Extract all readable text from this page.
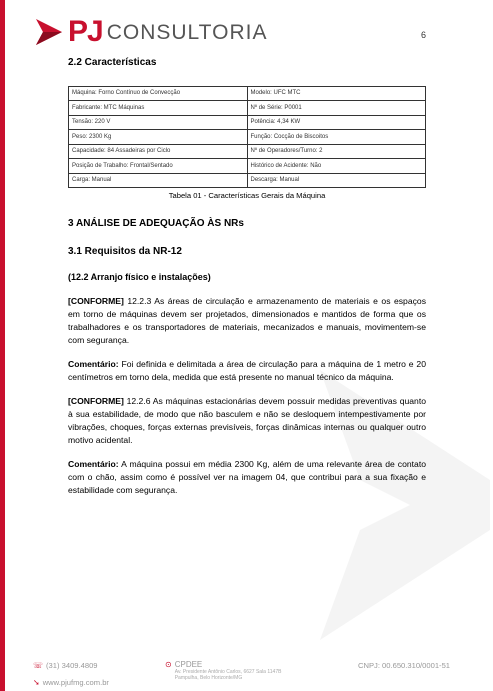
PJ CONSULTORIA	6
2.2 Características
Máquina: Forno Contínuo de Convecção	Modelo: UFC MTC
Fabricante: MTC Máquinas	Nº de Série: P0001
Tensão: 220 V	Potência: 4,34 KW
Peso: 2300 Kg	Função: Cocção de Biscoitos
Capacidade: 84 Assadeiras por Ciclo	Nº de Operadores/Turno: 2
Posição de Trabalho: Frontal/Sentado	Histórico de Acidente: Não
Carga: Manual	Descarga: Manual
Tabela 01 - Características Gerais da Máquina
3 ANÁLISE DE ADEQUAÇÃO ÀS NRs
3.1 Requisitos da NR-12
(12.2 Arranjo físico e instalações)

[CONFORME] 12.2.3 As áreas de circulação e armazenamento de materiais e os espaços em torno de máquinas devem ser projetados, dimensionados e mantidos de forma que os trabalhadores e os transportadores de materiais, mecanizados e manuais, movimentem-se com segurança.

Comentário: Foi definida e delimitada a área de circulação para a máquina de 1 metro e 20 centímetros em torno dela, medida que está presente no manual técnico da máquina.

[CONFORME] 12.2.6 As máquinas estacionárias devem possuir medidas preventivas quanto à sua estabilidade, de modo que não basculem e não se desloquem intempestivamente por vibrações, choques, forças externas previsíveis, forças dinâmicas internas ou qualquer outro motivo acidental.

Comentário: A máquina possui em média 2300 Kg, além de uma relevante área de contato com o chão, assim como é possível ver na imagem 04, que contribui para a sua fixação e estabilidade com segurança.

☏ (31) 3409.4809
➘ www.pjufmg.com.br
⊙ CPDEE
Av. Presidente Antônio Carlos, 6627 Sala 1147B
Pampulha, Belo Horizonte/MG
CNPJ: 00.650.310/0001-51
